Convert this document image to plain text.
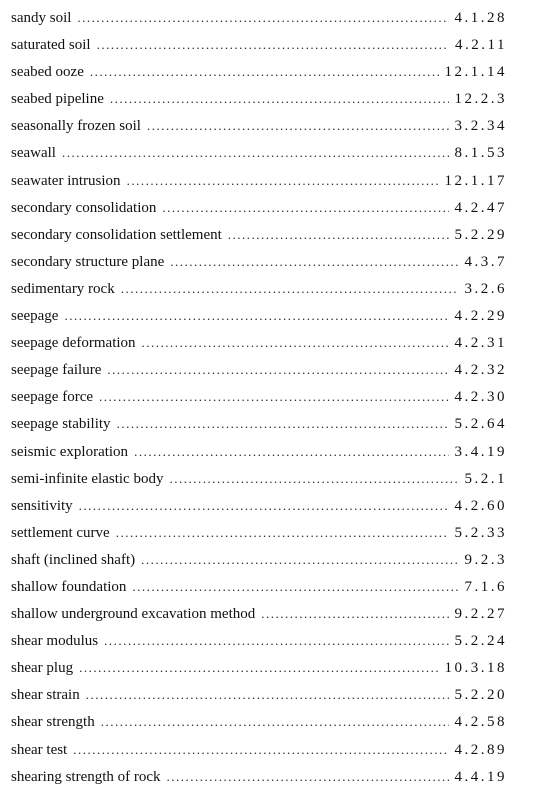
sandy soil .....	4.1.28
saturated soil .....	4.2.11
seabed ooze .....	12.1.14
seabed pipeline .....	12.2.3
seasonally frozen soil .....	3.2.34
seawall .....	8.1.53
seawater intrusion .....	12.1.17
secondary consolidation .....	4.2.47
secondary consolidation settlement .....	5.2.29
secondary structure plane .....	4.3.7
sedimentary rock .....	3.2.6
seepage .....	4.2.29
seepage deformation .....	4.2.31
seepage failure .....	4.2.32
seepage force .....	4.2.30
seepage stability .....	5.2.64
seismic exploration .....	3.4.19
semi-infinite elastic body .....	5.2.1
sensitivity .....	4.2.60
settlement curve .....	5.2.33
shaft (inclined shaft) .....	9.2.3
shallow foundation .....	7.1.6
shallow underground excavation method .....	9.2.27
shear modulus .....	5.2.24
shear plug .....	10.3.18
shear strain .....	5.2.20
shear strength .....	4.2.58
shear test .....	4.2.89
shearing strength of rock .....	4.4.19
